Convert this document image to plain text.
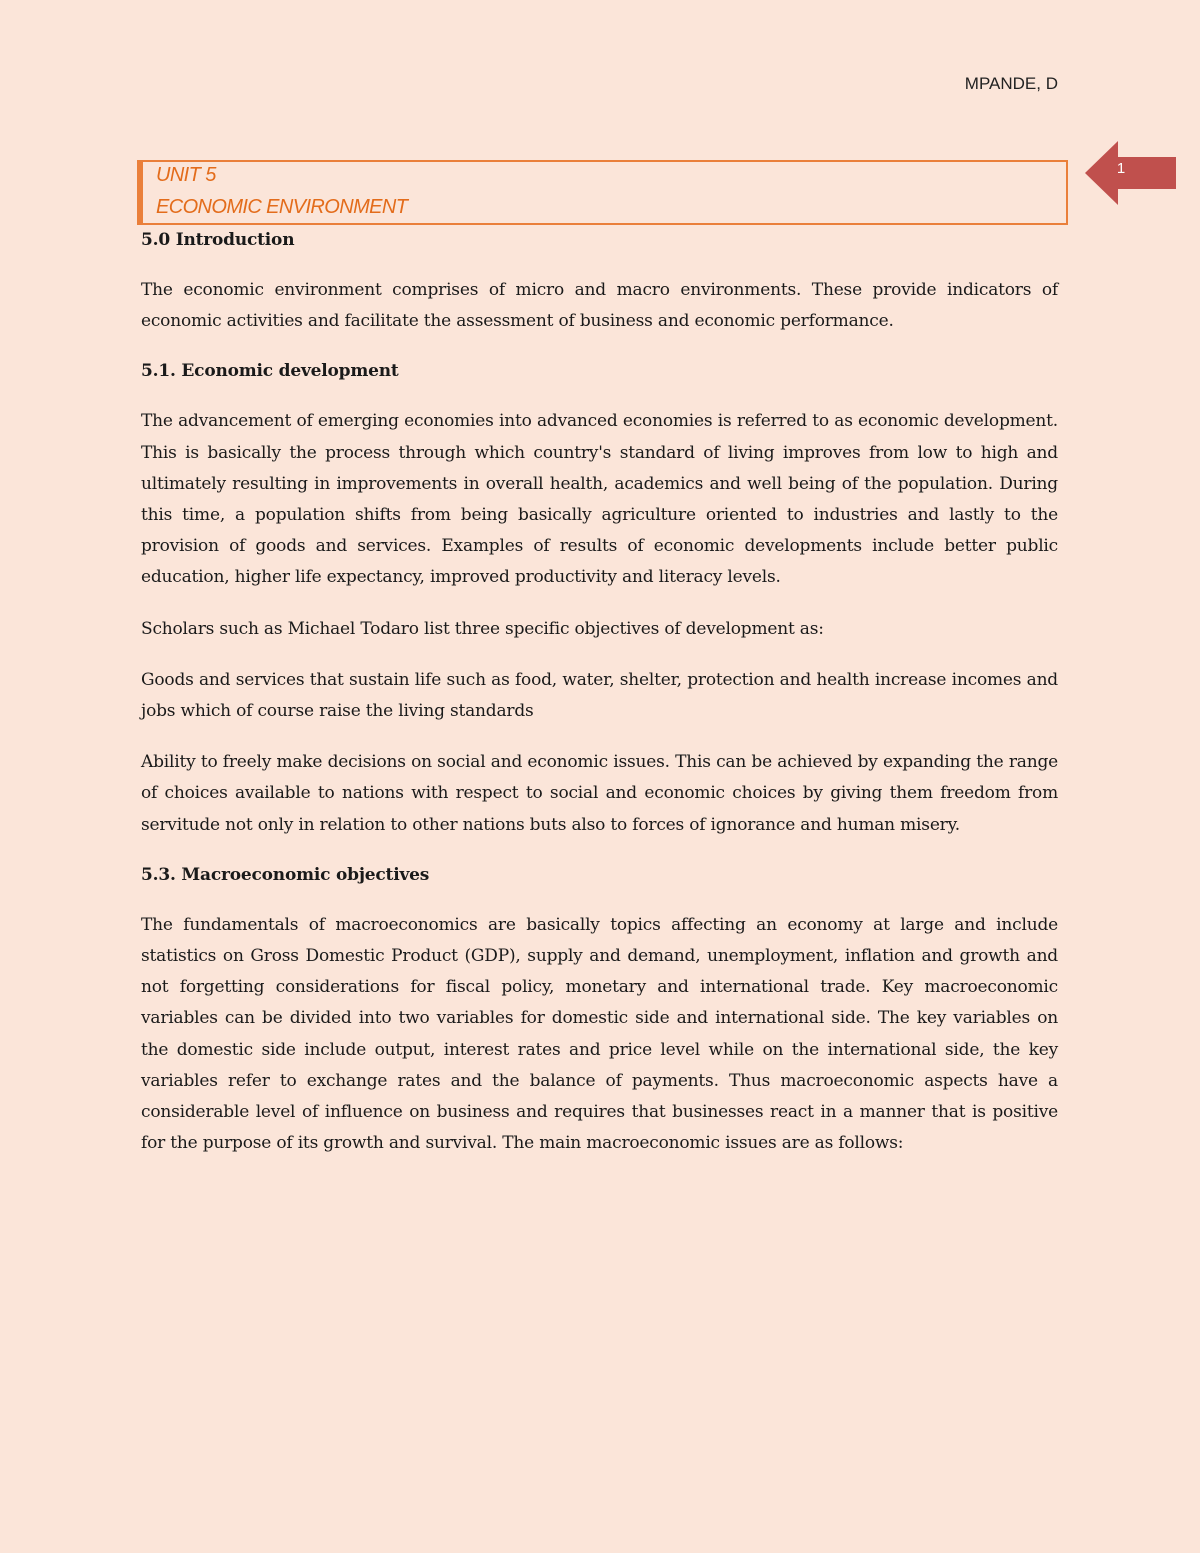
MPANDE, D
1
UNIT 5
ECONOMIC ENVIRONMENT
5.0 Introduction

The economic environment comprises of micro and macro environments. These provide indicators of economic activities and facilitate the assessment of business and economic performance.

5.1. Economic development

The advancement of emerging economies into advanced economies is referred to as economic development. This is basically the process through which country's standard of living improves from low to high and ultimately resulting in improvements in overall health, academics and well being of the population. During this time, a population shifts from being basically agriculture oriented to industries and lastly to the provision of goods and services. Examples of results of economic developments include better public education, higher life expectancy, improved productivity and literacy levels.

Scholars such as Michael Todaro list three specific objectives of development as:

Goods and services that sustain life such as food, water, shelter, protection and health increase incomes and jobs which of course raise the living standards

Ability to freely make decisions on social and economic issues. This can be achieved by expanding the range of choices available to nations with respect to social and economic choices by giving them freedom from servitude not only in relation to other nations buts also to forces of ignorance and human misery.

5.3. Macroeconomic objectives

The fundamentals of macroeconomics are basically topics affecting an economy at large and include statistics on Gross Domestic Product (GDP), supply and demand, unemployment, inflation and growth and not forgetting considerations for fiscal policy, monetary and international trade. Key macroeconomic variables can be divided into two variables for domestic side and international side. The key variables on the domestic side include output, interest rates and price level while on the international side, the key variables refer to exchange rates and the balance of payments. Thus macroeconomic aspects have a considerable level of influence on business and requires that businesses react in a manner that is positive for the purpose of its growth and survival. The main macroeconomic issues are as follows:
